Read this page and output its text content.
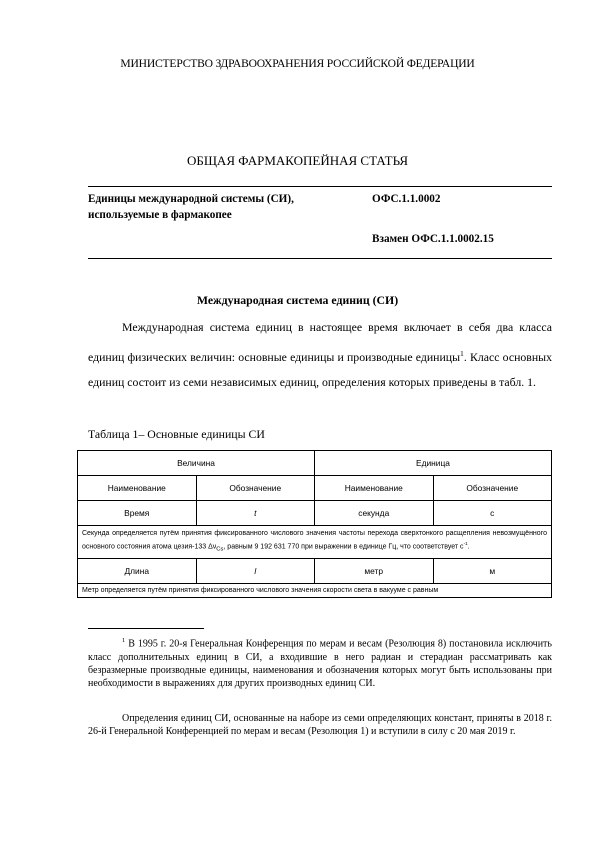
МИНИСТЕРСТВО ЗДРАВООХРАНЕНИЯ РОССИЙСКОЙ ФЕДЕРАЦИИ
ОБЩАЯ ФАРМАКОПЕЙНАЯ СТАТЬЯ
Единицы международной системы (СИ),
используемые в фармакопее
ОФС.1.1.0002
Взамен ОФС.1.1.0002.15
Международная система единиц (СИ)
Международная система единиц в настоящее время включает в себя два класса единиц физических величин: основные единицы и производные единицы$^1$. Класс основных единиц состоит из семи независимых единиц, определения которых приведены в табл. 1.
Таблица 1– Основные единицы СИ
Величина		Единица	
Наименование	Обозначение	Наименование	Обозначение
Время	t	секунда	с
Секунда определяется путём принятия фиксированного числового значения частоты перехода сверхтонкого расщепления невозмущённого основного состояния атома цезия-133 $\Delta\nu_{Cs}$, равным 9 192 631 770 при выражении в единице Гц, что соответствует $с^{-1}$.			
Длина	l	метр	м
Метр определяется путём принятия фиксированного числового значения скорости света в вакууме с равным			
$^1$ В 1995 г. 20-я Генеральная Конференция по мерам и весам (Резолюция 8) постановила исключить класс дополнительных единиц в СИ, а входившие в него радиан и стерадиан рассматривать как безразмерные производные единицы, наименования и обозначения которых могут быть использованы при необходимости в выражениях для других производных единиц СИ.
Определения единиц СИ, основанные на наборе из семи определяющих констант, приняты в 2018 г. 26-й Генеральной Конференцией по мерам и весам (Резолюция 1) и вступили в силу с 20 мая 2019 г.
